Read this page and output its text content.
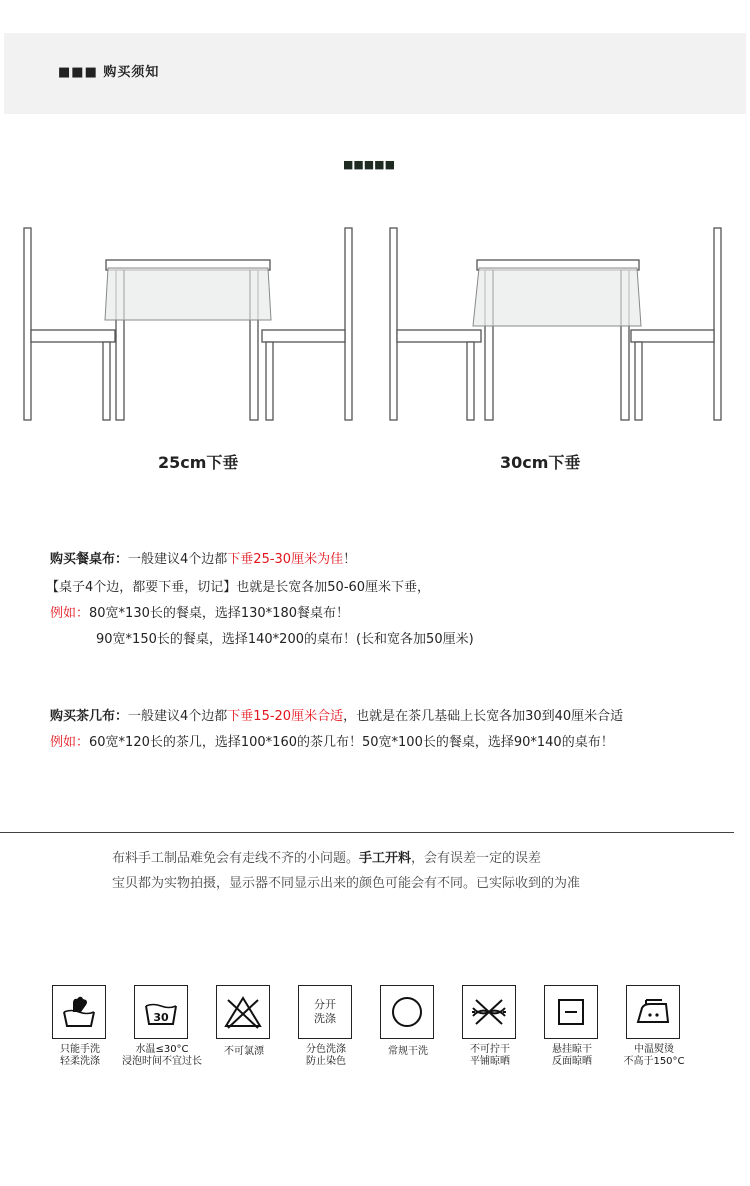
■■■ 购买须知
■■■■■
25cm下垂	30cm下垂
购买餐桌布：一般建议4个边都下垂25-30厘米为佳！
【桌子4个边，都要下垂，切记】也就是长宽各加50-60厘米下垂，
例如：80宽*130长的餐桌，选择130*180餐桌布！
90宽*150长的餐桌，选择140*200的桌布！(长和宽各加50厘米)
购买茶几布：一般建议4个边都下垂15-20厘米合适，也就是在茶几基础上长宽各加30到40厘米合适
例如：60宽*120长的茶几，选择100*160的茶几布！50宽*100长的餐桌，选择90*140的桌布！
布料手工制品难免会有走线不齐的小问题。手工开料，会有误差一定的误差
宝贝都为实物拍摄，显示器不同显示出来的颜色可能会有不同。已实际收到的为准
只能手洗
轻柔洗涤
30
水温≤30°C
浸泡时间不宜过长
不可氯漂
分开
洗涤
分色洗涤
防止染色
常规干洗	不可拧干
平铺晾晒
悬挂晾干
反面晾晒
中温熨烫
不高于150°C
